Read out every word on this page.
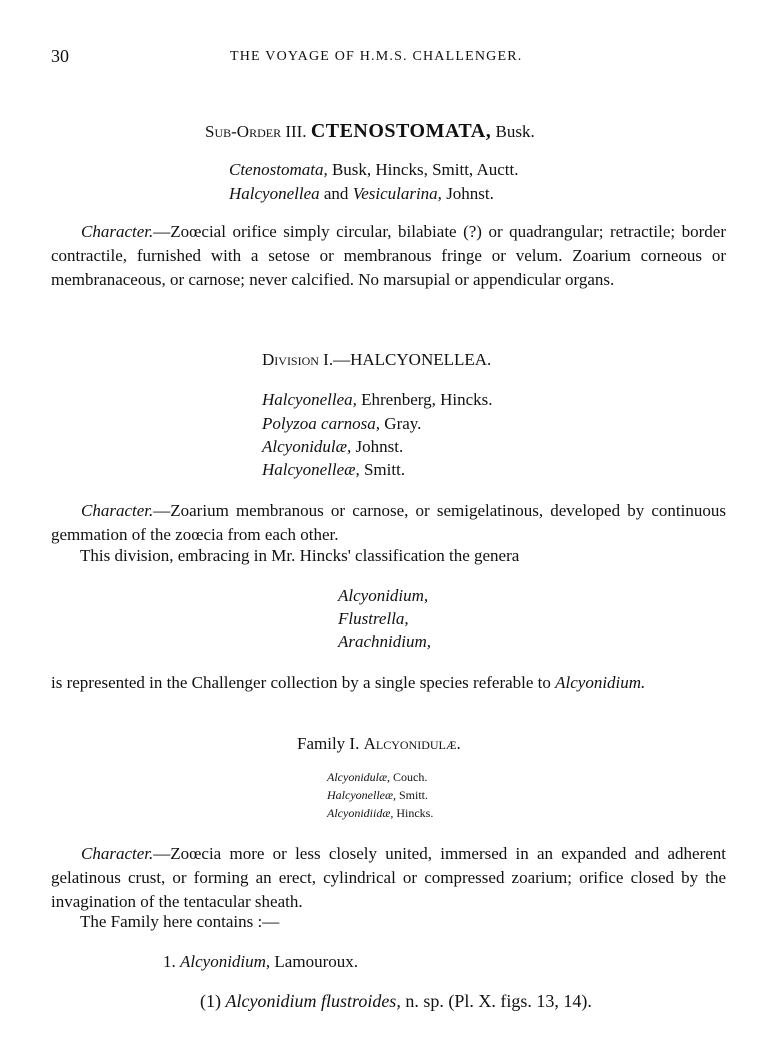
30	THE VOYAGE OF H.M.S. CHALLENGER.
Sub-Order III. CTENOSTOMATA, Busk.
Ctenostomata, Busk, Hincks, Smitt, Auctt.
Halcyonellea and Vesicularina, Johnst.

Character.—Zoœcial orifice simply circular, bilabiate (?) or quadrangular; retractile; border contractile, furnished with a setose or membranous fringe or velum. Zoarium corneous or membranaceous, or carnose; never calcified. No marsupial or appendicular organs.

Division I.—HALCYONELLEA.
Halcyonellea, Ehrenberg, Hincks.
Polyzoa carnosa, Gray.
Alcyonidulæ, Johnst.
Halcyonelleæ, Smitt.

Character.—Zoarium membranous or carnose, or semigelatinous, developed by continuous gemmation of the zoœcia from each other.

This division, embracing in Mr. Hincks' classification the genera
Alcyonidium,
Flustrella,
Arachnidium,
is represented in the Challenger collection by a single species referable to Alcyonidium.
Family I. Alcyonidulæ.
Alcyonidulæ, Couch.
Halcyonelleæ, Smitt.
Alcyonidiidæ, Hincks.

Character.—Zoœcia more or less closely united, immersed in an expanded and adherent gelatinous crust, or forming an erect, cylindrical or compressed zoarium; orifice closed by the invagination of the tentacular sheath.

The Family here contains :—
1. Alcyonidium, Lamouroux.
(1) Alcyonidium flustroides, n. sp. (Pl. X. figs. 13, 14).
